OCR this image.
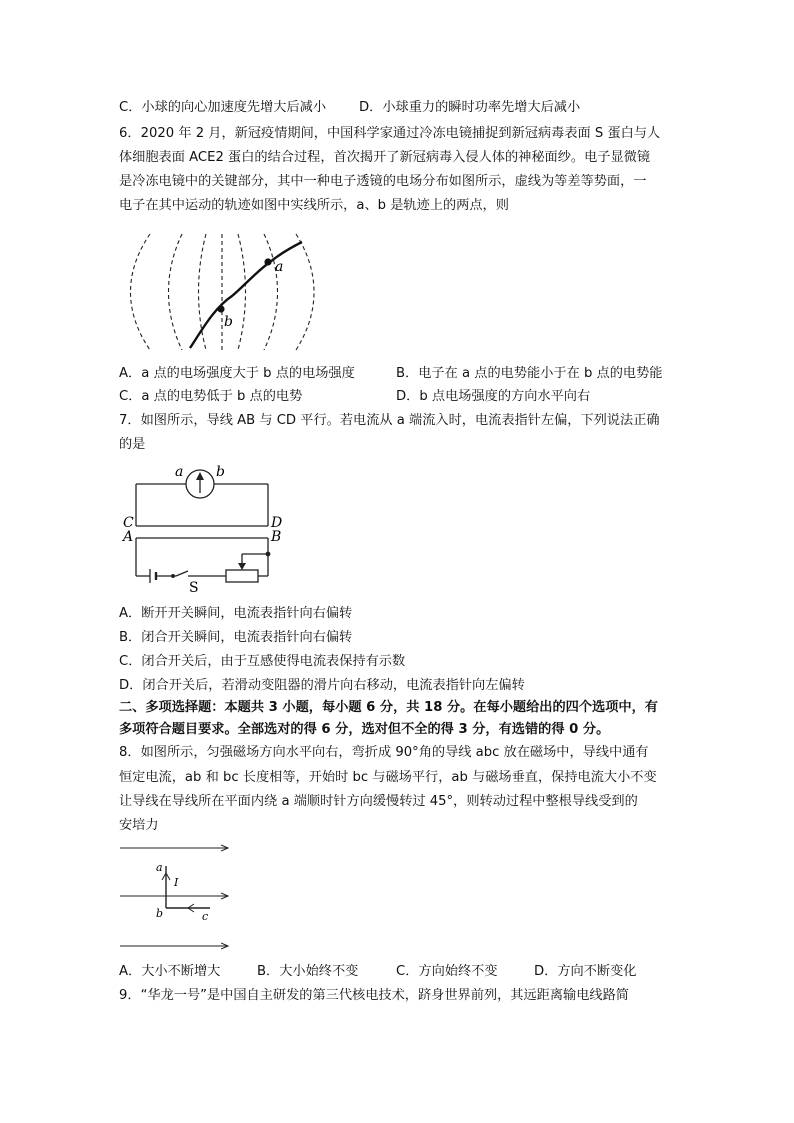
C．小球的向心加速度先增大后减小 D．小球重力的瞬时功率先增大后减小
6．2020 年 2 月，新冠疫情期间，中国科学家通过冷冻电镜捕捉到新冠病毒表面 S 蛋白与人
体细胞表面 ACE2 蛋白的结合过程，首次揭开了新冠病毒入侵人体的神秘面纱。电子显微镜
是冷冻电镜中的关键部分，其中一种电子透镜的电场分布如图所示，虚线为等差等势面，一
电子在其中运动的轨迹如图中实线所示，a、b 是轨迹上的两点，则
a
b
A．a 点的电场强度大于 b 点的电场强度	B．电子在 a 点的电势能小于在 b 点的电势能
C．a 点的电势低于 b 点的电势	D．b 点电场强度的方向水平向右
7．如图所示，导线 AB 与 CD 平行。若电流从 a 端流入时，电流表指针左偏，下列说法正确
的是
a b
C	D
A	B
S
A．断开开关瞬间，电流表指针向右偏转
B．闭合开关瞬间，电流表指针向右偏转
C．闭合开关后，由于互感使得电流表保持有示数
D．闭合开关后，若滑动变阻器的滑片向右移动，电流表指针向左偏转
二、多项选择题：本题共 3 小题，每小题 6 分，共 18 分。在每小题给出的四个选项中，有
多项符合题目要求。全部选对的得 6 分，选对但不全的得 3 分，有选错的得 0 分。
8．如图所示，匀强磁场方向水平向右，弯折成 90°角的导线 abc 放在磁场中，导线中通有
恒定电流，ab 和 bc 长度相等，开始时 bc 与磁场平行，ab 与磁场垂直，保持电流大小不变
让导线在导线所在平面内绕 a 端顺时针方向缓慢转过 45°，则转动过程中整根导线受到的
安培力
a
I
b	c
A．大小不断增大	B．大小始终不变	C．方向始终不变	D．方向不断变化
9．“华龙一号”是中国自主研发的第三代核电技术，跻身世界前列，其远距离输电线路简
